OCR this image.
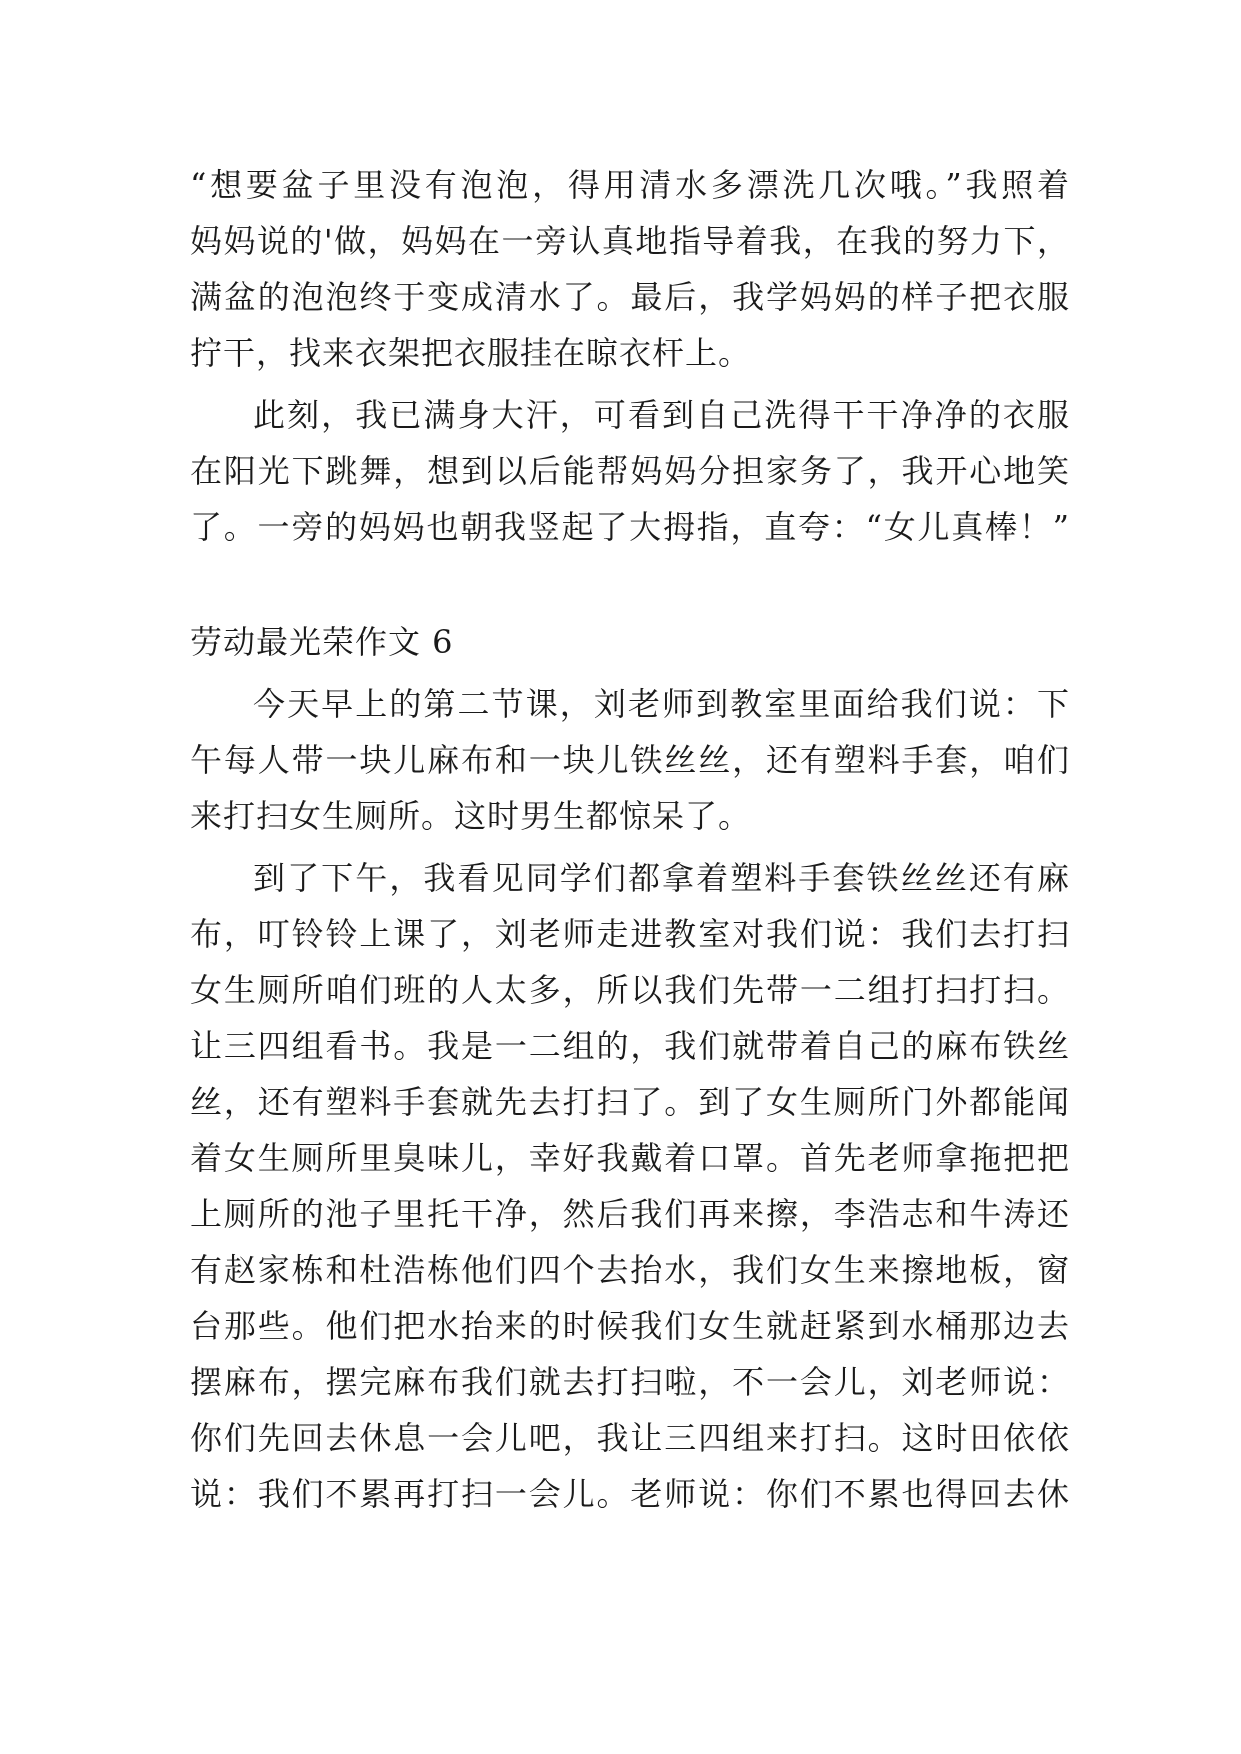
“想要盆子里没有泡泡，得用清水多漂洗几次哦。”我照着
妈妈说的'做，妈妈在一旁认真地指导着我，在我的努力下，
满盆的泡泡终于变成清水了。最后，我学妈妈的样子把衣服
拧干，找来衣架把衣服挂在晾衣杆上。
此刻，我已满身大汗，可看到自己洗得干干净净的衣服
在阳光下跳舞，想到以后能帮妈妈分担家务了，我开心地笑
了。一旁的妈妈也朝我竖起了大拇指，直夸：“女儿真棒！”
劳动最光荣作文 6
今天早上的第二节课，刘老师到教室里面给我们说：下
午每人带一块儿麻布和一块儿铁丝丝，还有塑料手套，咱们
来打扫女生厕所。这时男生都惊呆了。
到了下午，我看见同学们都拿着塑料手套铁丝丝还有麻
布，叮铃铃上课了，刘老师走进教室对我们说：我们去打扫
女生厕所咱们班的人太多，所以我们先带一二组打扫打扫。
让三四组看书。我是一二组的，我们就带着自己的麻布铁丝
丝，还有塑料手套就先去打扫了。到了女生厕所门外都能闻
着女生厕所里臭味儿，幸好我戴着口罩。首先老师拿拖把把
上厕所的池子里托干净，然后我们再来擦，李浩志和牛涛还
有赵家栋和杜浩栋他们四个去抬水，我们女生来擦地板，窗
台那些。他们把水抬来的时候我们女生就赶紧到水桶那边去
摆麻布，摆完麻布我们就去打扫啦，不一会儿，刘老师说：
你们先回去休息一会儿吧，我让三四组来打扫。这时田依依
说：我们不累再打扫一会儿。老师说：你们不累也得回去休
